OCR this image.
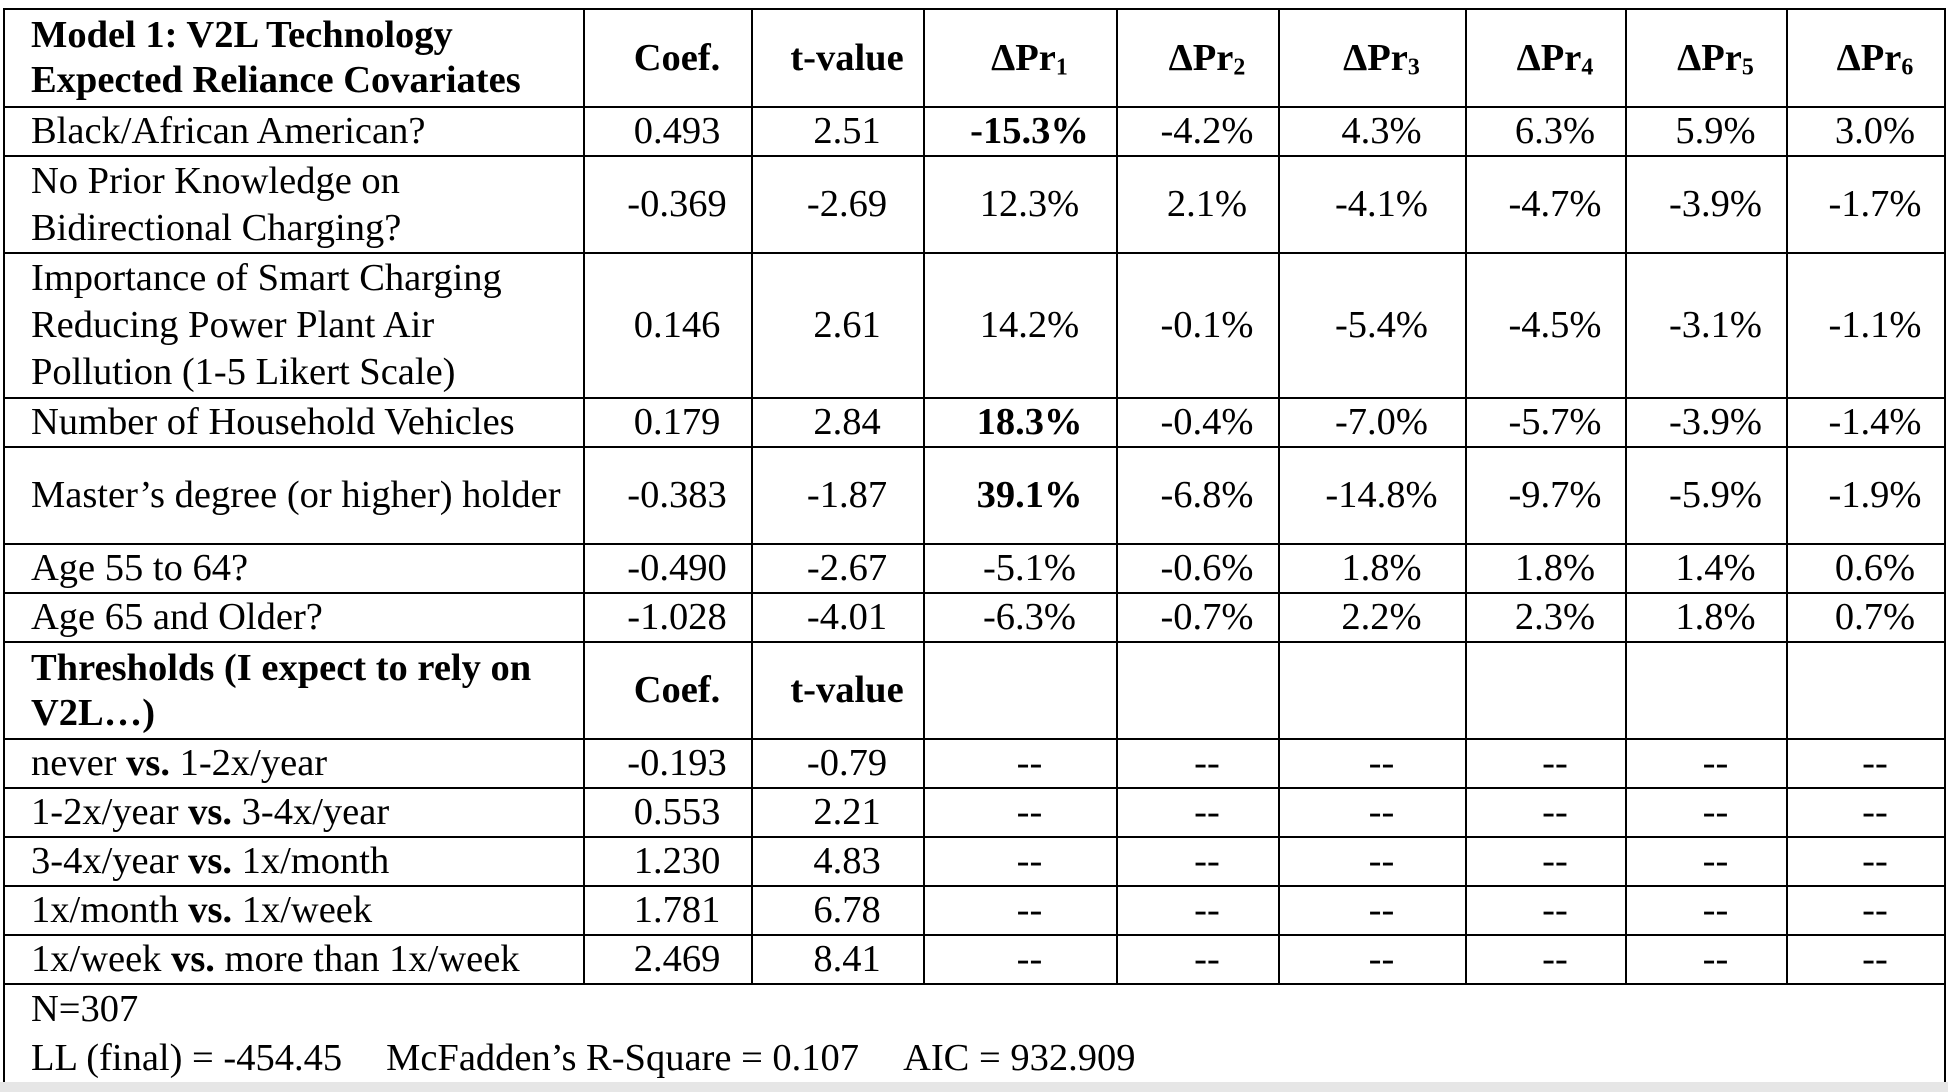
Model 1: V2L Technology
Expected Reliance Covariates	Coef.	t-value	ΔPr$_1$	ΔPr$_2$	ΔPr$_3$	ΔPr$_4$	ΔPr$_5$	ΔPr$_6$
Black/African American?	0.493	2.51	-15.3%	-4.2%	4.3%	6.3%	5.9%	3.0%
No Prior Knowledge on Bidirectional Charging?	-0.369	-2.69	12.3%	2.1%	-4.1%	-4.7%	-3.9%	-1.7%
Importance of Smart Charging Reducing Power Plant Air Pollution (1-5 Likert Scale)	0.146	2.61	14.2%	-0.1%	-5.4%	-4.5%	-3.1%	-1.1%
Number of Household Vehicles	0.179	2.84	18.3%	-0.4%	-7.0%	-5.7%	-3.9%	-1.4%
Master’s degree (or higher) holder	-0.383	-1.87	39.1%	-6.8%	-14.8%	-9.7%	-5.9%	-1.9%
Age 55 to 64?	-0.490	-2.67	-5.1%	-0.6%	1.8%	1.8%	1.4%	0.6%
Age 65 and Older?	-1.028	-4.01	-6.3%	-0.7%	2.2%	2.3%	1.8%	0.7%
Thresholds (I expect to rely on V2L…)	Coef.	t-value						
never vs. 1-2x/year	-0.193	-0.79	--	--	--	--	--	--
1-2x/year vs. 3-4x/year	0.553	2.21	--	--	--	--	--	--
3-4x/year vs. 1x/month	1.230	4.83	--	--	--	--	--	--
1x/month vs. 1x/week	1.781	6.78	--	--	--	--	--	--
1x/week vs. more than 1x/week	2.469	8.41	--	--	--	--	--	--

N=307
LL (final) = -454.45 McFadden’s R-Square = 0.107 AIC = 932.909								
